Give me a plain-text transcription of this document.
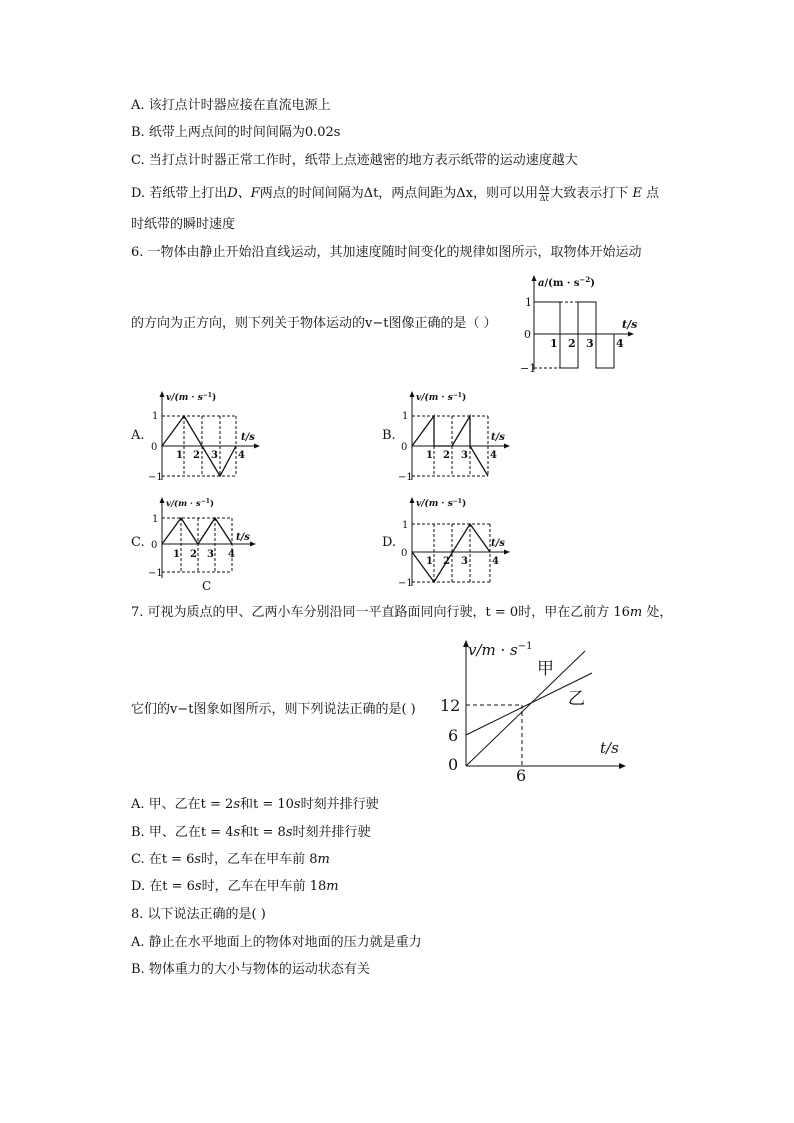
A. 该打点计时器应接在直流电源上
B. 纸带上两点间的时间间隔为0.02s
C. 当打点计时器正常工作时，纸带上点迹越密的地方表示纸带的运动速度越大
D. 若纸带上打出D、F两点的时间间隔为Δt，两点间距为Δx，则可以用 $\frac{\Delta x}{\Delta t}$ 大致表示打下 E 点
时纸带的瞬时速度
6. 一物体由静止开始沿直线运动，其加速度随时间变化的规律如图所示，取物体开始运动
的方向为正方向，则下列关于物体运动的v−t图像正确的是（ ）
$a/(m \cdot s^{-2})$
t/s
1
0
−1
1 2 3 4
A.
$v/(m \cdot s^{-1})$
t/s
1
0
−1
1 2 3 4
B.
$v/(m \cdot s^{-1})$
t/s
1
0
−1
1 2 3 4
C.
$v/(m \cdot s^{-1})$
t/s
1
0
−1
1 2 3 4
C
D.
$v/(m \cdot s^{-1})$
t/s
1
0
−1
1 2 3 4
7. 可视为质点的甲、乙两小车分别沿同一平直路面同向行驶，t = 0时，甲在乙前方 16m 处，
它们的v−t图象如图所示，则下列说法正确的是( )
$v/m \cdot s^{-1}$
t/s
甲
乙
12
6
0
6
A. 甲、乙在t = 2s和t = 10s时刻并排行驶
B. 甲、乙在t = 4s和t = 8s时刻并排行驶
C. 在t = 6s时，乙车在甲车前 8m
D. 在t = 6s时，乙车在甲车前 18m
8. 以下说法正确的是( )
A. 静止在水平地面上的物体对地面的压力就是重力
B. 物体重力的大小与物体的运动状态有关
